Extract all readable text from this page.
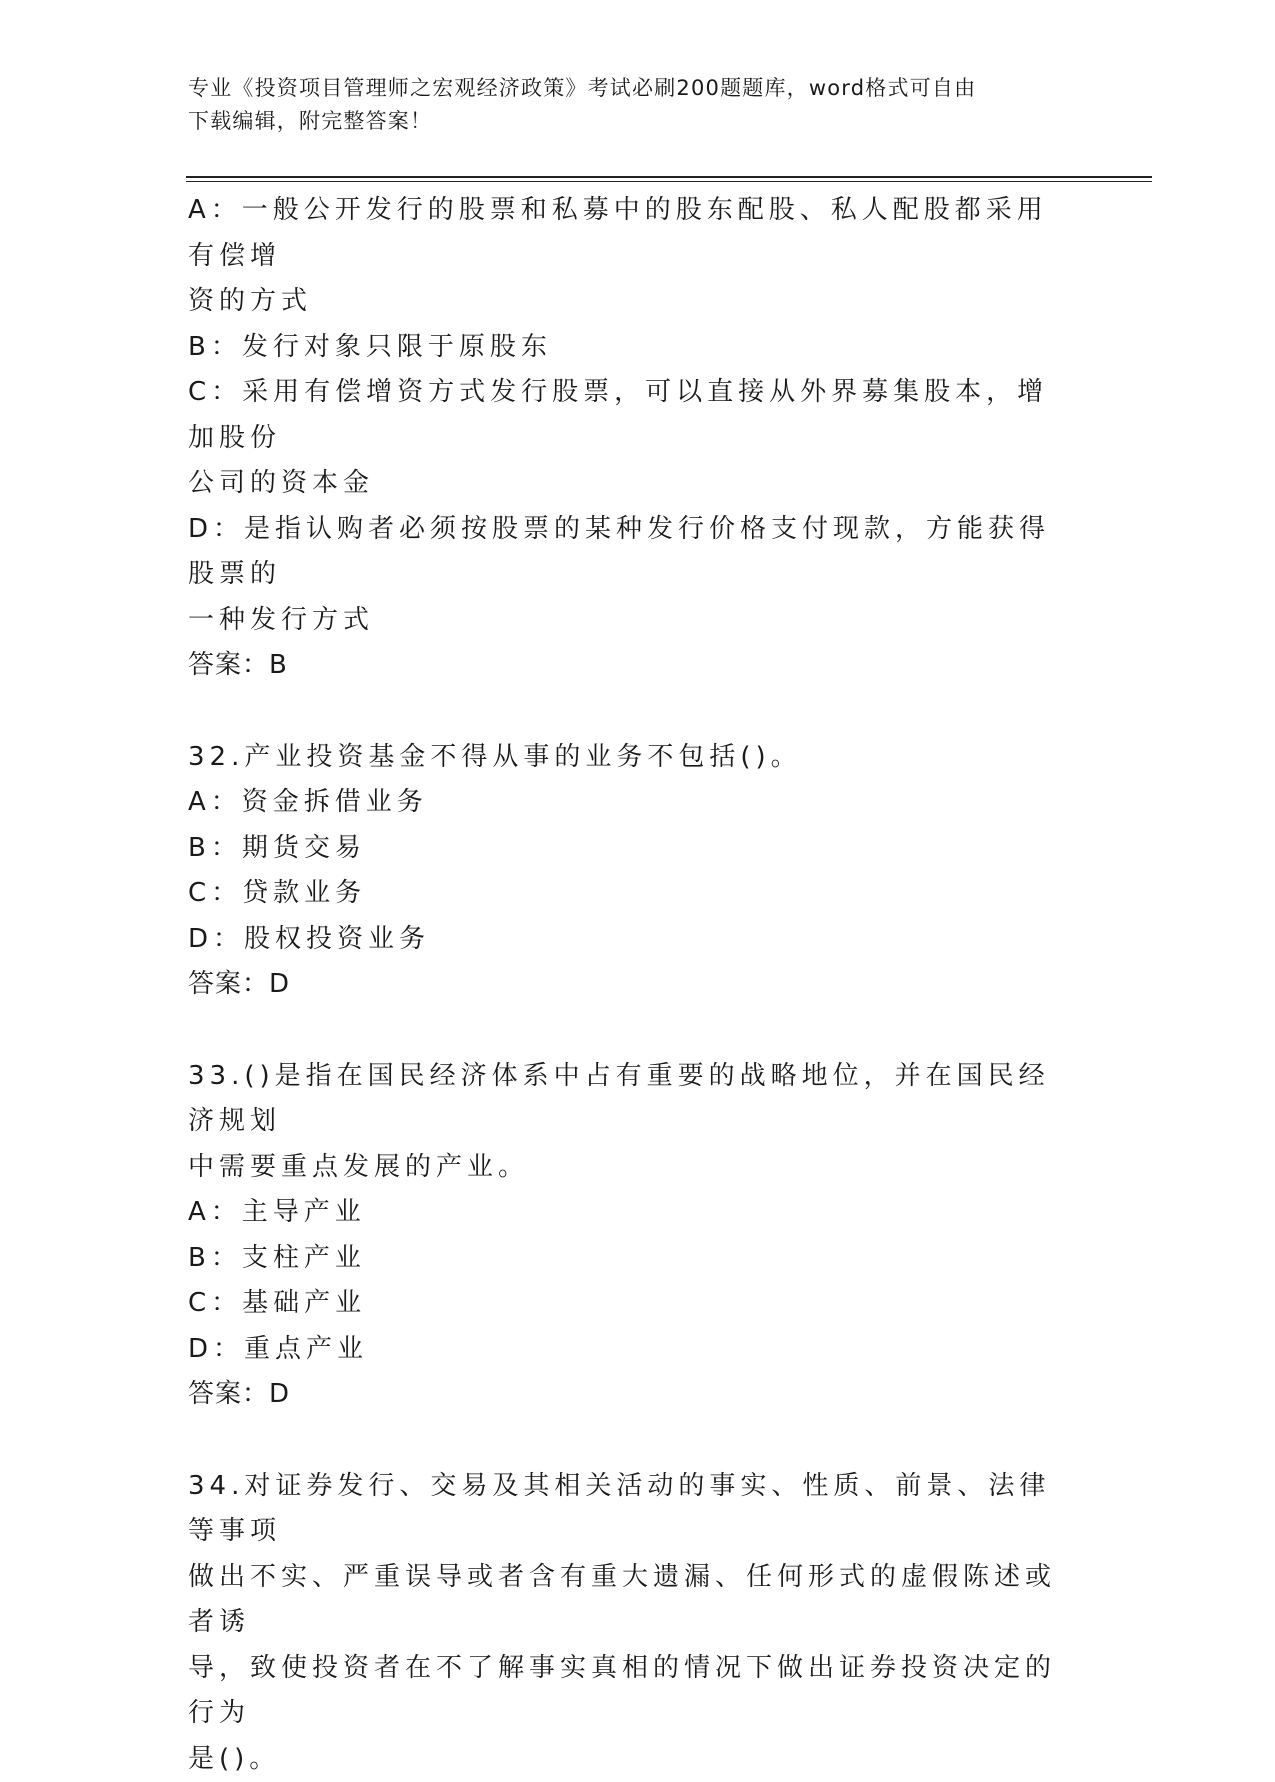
专业《投资项目管理师之宏观经济政策》考试必刷200题题库，word格式可自由
下载编辑，附完整答案！
A：一般公开发行的股票和私募中的股东配股、私人配股都采用有偿增
资的方式
B：发行对象只限于原股东
C：采用有偿增资方式发行股票，可以直接从外界募集股本，增加股份
公司的资本金
D：是指认购者必须按股票的某种发行价格支付现款，方能获得股票的
一种发行方式
答案：B
32.产业投资基金不得从事的业务不包括()。
A：资金拆借业务
B：期货交易
C：贷款业务
D：股权投资业务
答案：D
33.()是指在国民经济体系中占有重要的战略地位，并在国民经济规划
中需要重点发展的产业。
A：主导产业
B：支柱产业
C：基础产业
D：重点产业
答案：D
34.对证券发行、交易及其相关活动的事实、性质、前景、法律等事项
做出不实、严重误导或者含有重大遗漏、任何形式的虚假陈述或者诱
导，致使投资者在不了解事实真相的情况下做出证券投资决定的行为
是()。
